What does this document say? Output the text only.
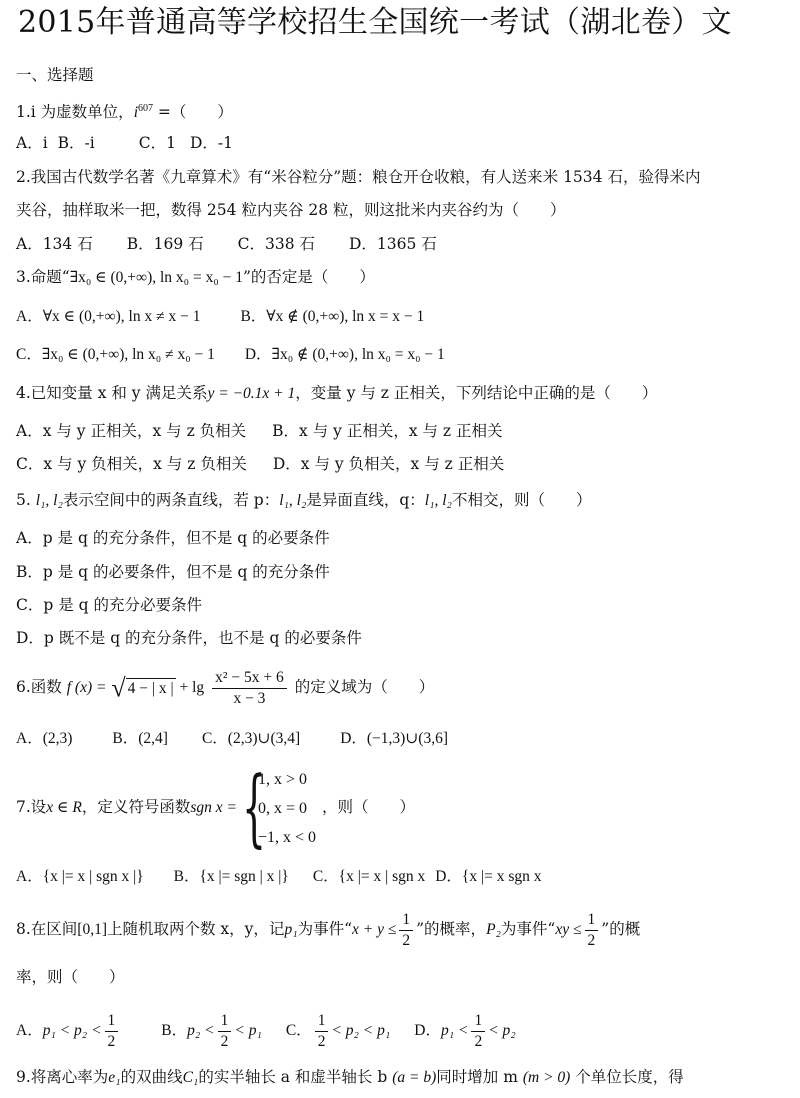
2015年普通高等学校招生全国统一考试（湖北卷）文
一、选择题
1.i 为虚数单位，$i^{607}$ =（　　）
A．i B．-i	C．1 D．-1
2.我国古代数学名著《九章算术》有“米谷粒分”题：粮仓开仓收粮，有人送来米 1534 石，验得米内
夹谷，抽样取米一把，数得 254 粒内夹谷 28 粒，则这批米内夹谷约为（　　）
A．134 石 B．169 石 C．338 石 D．1365 石
3.命题“∃x₀ ∈ (0,+∞), ln x₀ = x₀ − 1”的否定是（　　）
A．∀x ∈ (0,+∞), ln x ≠ x − 1	B．∀x ∉ (0,+∞), ln x = x − 1
C．∃x₀ ∈ (0,+∞), ln x₀ ≠ x₀ − 1 D．∃x₀ ∉ (0,+∞), ln x₀ = x₀ − 1
4.已知变量 x 和 y 满足关系y = −0.1x + 1，变量 y 与 z 正相关，下列结论中正确的是（　　）
A．x 与 y 正相关，x 与 z 负相关 B．x 与 y 正相关，x 与 z 正相关
C．x 与 y 负相关，x 与 z 负相关 D．x 与 y 负相关，x 与 z 正相关
5. l₁, l₂表示空间中的两条直线，若 p：l₁, l₂是异面直线，q：l₁, l₂不相交，则（　　）
A．p 是 q 的充分条件，但不是 q 的必要条件
B．p 是 q 的必要条件，但不是 q 的充分条件
C．p 是 q 的充分必要条件
D．p 既不是 q 的充分条件，也不是 q 的必要条件
6.函数 f (x) = √ 4 − | x | + $\lg \frac{\text{x² − 5x + 6}}{x - 3}$ 的定义域为（　　）
A．(2,3)	B．(2,4] C．(2,3)∪(3,4]	D．(−1,3)∪(3,6]
7.设x ∈ R，定义符号函数sgn x = {
1, x > 0
0, x = 0
−1, x < 0
，则（　　）
A．{x |= x | sgn x |} B．{x |= sgn | x |} C．{x |= x | sgn x D．{x |= x sgn x
8.在区间[0,1]上随机取两个数 x，y，记p₁为事件“$x + y \le \frac{1}{2}$ ”的概率，P₂为事件“xy ≤ $\frac{1}{2}$ ”的概
率，则（　　）
A．$p_1 < p_2 < \frac{1}{2}$	B．$p_2 < \frac{1}{2} < p_1$ C． $\frac{1}{2} < p_2 < p_1$ D．$p_1 < \frac{1}{2} < p_2$
9.将离心率为e₁的双曲线C₁的实半轴长 a 和虚半轴长 b (a = b)同时增加 m (m > 0) 个单位长度，得
